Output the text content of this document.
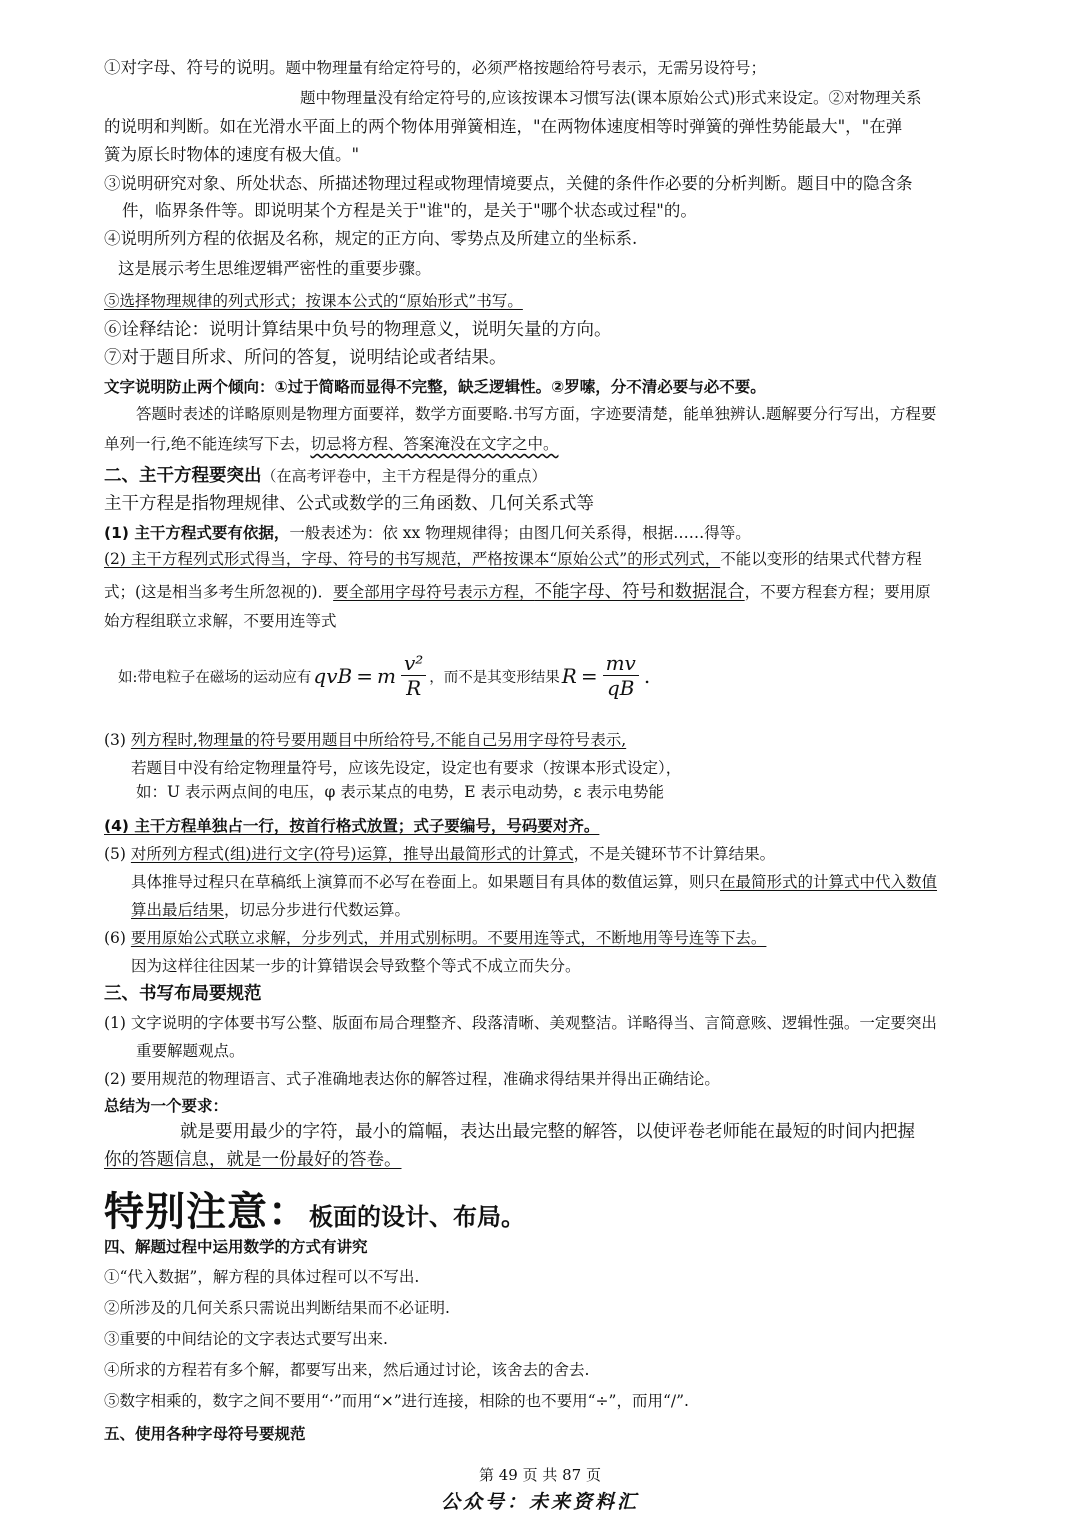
①对字母、符号的说明。题中物理量有给定符号的，必须严格按题给符号表示，无需另设符号；
题中物理量没有给定符号的,应该按课本习惯写法(课本原始公式)形式来设定。②对物理关系
的说明和判断。如在光滑水平面上的两个物体用弹簧相连，"在两物体速度相等时弹簧的弹性势能最大"，"在弹
簧为原长时物体的速度有极大值。"
③说明研究对象、所处状态、所描述物理过程或物理情境要点，关健的条件作必要的分析判断。题目中的隐含条
件，临界条件等。即说明某个方程是关于"谁"的，是关于"哪个状态或过程"的。
④说明所列方程的依据及名称，规定的正方向、零势点及所建立的坐标系.
这是展示考生思维逻辑严密性的重要步骤。
⑤选择物理规律的列式形式；按课本公式的“原始形式”书写。
⑥诠释结论：说明计算结果中负号的物理意义，说明矢量的方向。
⑦对于题目所求、所问的答复，说明结论或者结果。
文字说明防止两个倾向：①过于简略而显得不完整，缺乏逻辑性。②罗嗦，分不清必要与必不要。
答题时表述的详略原则是物理方面要祥，数学方面要略.书写方面，字迹要清楚，能单独辨认.题解要分行写出，方程要
单列一行,绝不能连续写下去，切忌将方程、答案淹没在文字之中。
二、主干方程要突出（在高考评卷中，主干方程是得分的重点）
主干方程是指物理规律、公式或数学的三角函数、几何关系式等
(1) 主干方程式要有依据，一般表述为：依 xx 物理规律得；由图几何关系得，根据……得等。
(2) 主干方程列式形式得当，字母、符号的书写规范，严格按课本“原始公式”的形式列式，不能以变形的结果式代替方程
式；(这是相当多考生所忽视的)．要全部用字母符号表示方程，不能字母、符号和数据混合，不要方程套方程；要用原
始方程组联立求解，不要用连等式
如:带电粒子在磁场的运动应有 qvB = m $\frac{\text{v²}}{R}$ ，而不是其变形结果 $R = \frac{mv}{qB}$ .
(3) 列方程时,物理量的符号要用题目中所给符号,不能自己另用字母符号表示,
若题目中没有给定物理量符号，应该先设定，设定也有要求（按课本形式设定），
如：U 表示两点间的电压，φ 表示某点的电势，E 表示电动势，ε 表示电势能
(4) 主干方程单独占一行，按首行格式放置；式子要编号，号码要对齐。
(5) 对所列方程式(组)进行文字(符号)运算，推导出最简形式的计算式，不是关键环节不计算结果。
具体推导过程只在草稿纸上演算而不必写在卷面上。如果题目有具体的数值运算，则只在最简形式的计算式中代入数值
算出最后结果，切忌分步进行代数运算。
(6) 要用原始公式联立求解，分步列式，并用式别标明。不要用连等式，不断地用等号连等下去。
因为这样往往因某一步的计算错误会导致整个等式不成立而失分。
三、书写布局要规范
(1) 文字说明的字体要书写公整、版面布局合理整齐、段落清晰、美观整洁。详略得当、言简意赅、逻辑性强。一定要突出
重要解题观点。
(2) 要用规范的物理语言、式子准确地表达你的解答过程，准确求得结果并得出正确结论。
总结为一个要求：
就是要用最少的字符，最小的篇幅，表达出最完整的解答，以使评卷老师能在最短的时间内把握
你的答题信息，就是一份最好的答卷。
特别注意：板面的设计、布局。
四、解题过程中运用数学的方式有讲究
①“代入数据”，解方程的具体过程可以不写出.
②所涉及的几何关系只需说出判断结果而不必证明.
③重要的中间结论的文字表达式要写出来.
④所求的方程若有多个解，都要写出来，然后通过讨论，该舍去的舍去.
⑤数字相乘的，数字之间不要用“·”而用“×”进行连接，相除的也不要用“÷”，而用“/”.
五、使用各种字母符号要规范
第 49 页 共 87 页
公众号：未来资料汇
